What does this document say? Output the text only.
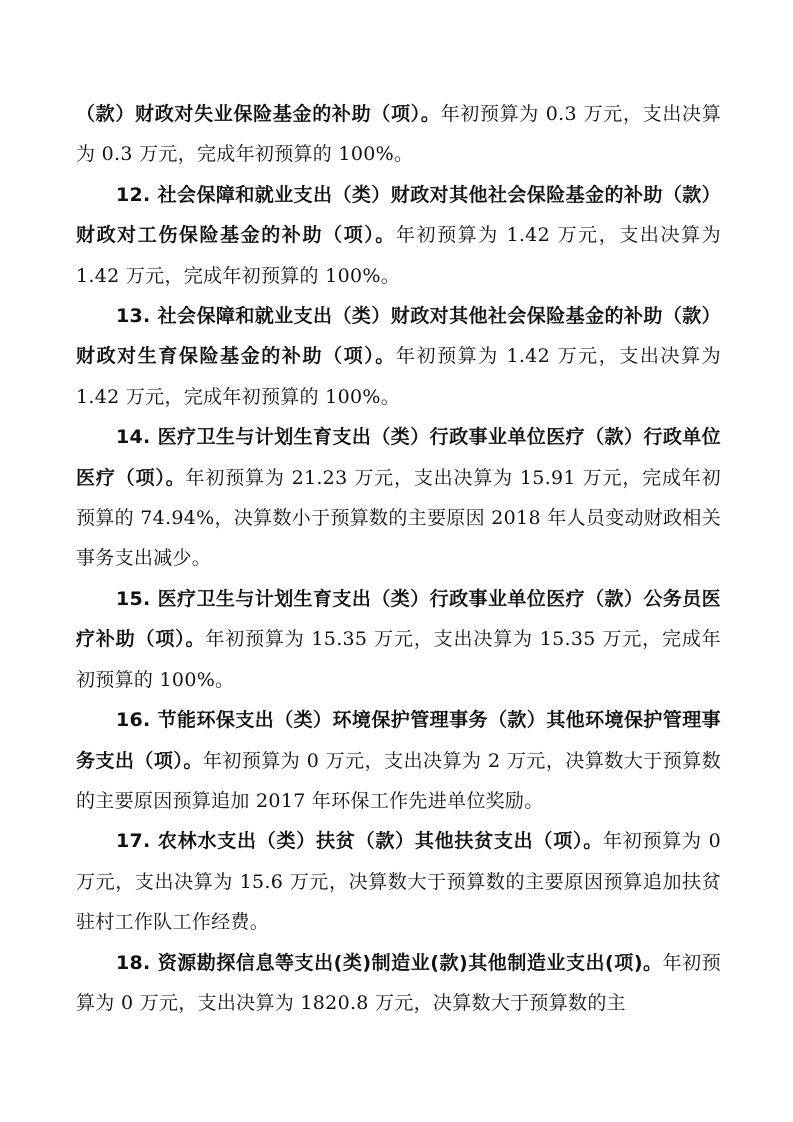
（款）财政对失业保险基金的补助（项）。年初预算为 0.3 万元，支出决算为 0.3 万元，完成年初预算的 100%。

12. 社会保障和就业支出（类）财政对其他社会保险基金的补助（款）财政对工伤保险基金的补助（项）。年初预算为 1.42 万元，支出决算为 1.42 万元，完成年初预算的 100%。

13. 社会保障和就业支出（类）财政对其他社会保险基金的补助（款）财政对生育保险基金的补助（项）。年初预算为 1.42 万元，支出决算为 1.42 万元，完成年初预算的 100%。

14. 医疗卫生与计划生育支出（类）行政事业单位医疗（款）行政单位医疗（项）。年初预算为 21.23 万元，支出决算为 15.91 万元，完成年初预算的 74.94%，决算数小于预算数的主要原因 2018 年人员变动财政相关事务支出减少。

15. 医疗卫生与计划生育支出（类）行政事业单位医疗（款）公务员医疗补助（项）。年初预算为 15.35 万元，支出决算为 15.35 万元，完成年初预算的 100%。

16. 节能环保支出（类）环境保护管理事务（款）其他环境保护管理事务支出（项）。年初预算为 0 万元，支出决算为 2 万元，决算数大于预算数的主要原因预算追加 2017 年环保工作先进单位奖励。

17. 农林水支出（类）扶贫（款）其他扶贫支出（项）。年初预算为 0 万元，支出决算为 15.6 万元，决算数大于预算数的主要原因预算追加扶贫驻村工作队工作经费。

18. 资源勘探信息等支出(类)制造业(款)其他制造业支出(项)。年初预算为 0 万元，支出决算为 1820.8 万元，决算数大于预算数的主
